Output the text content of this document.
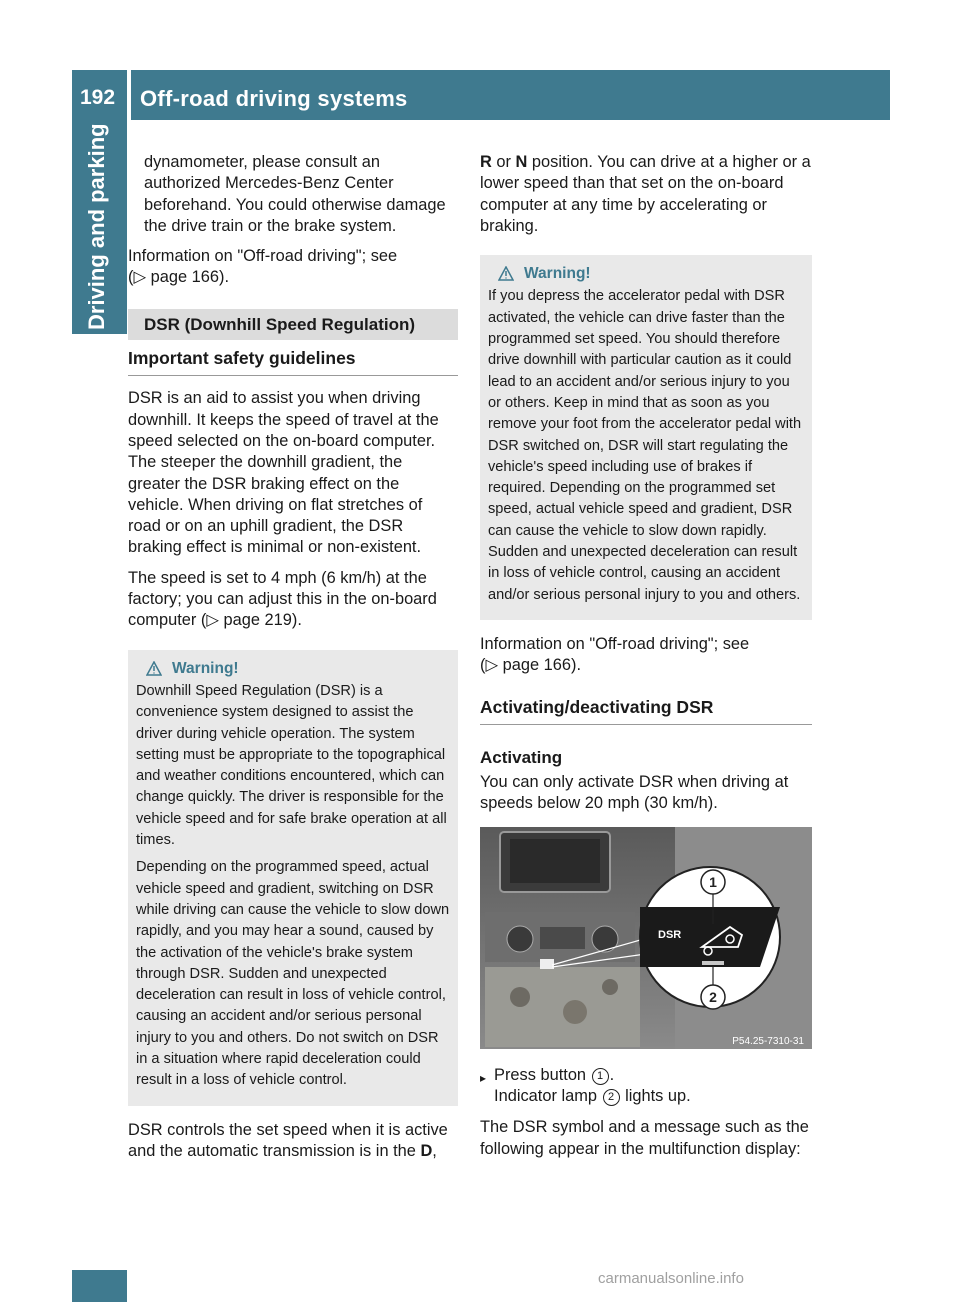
192 Off-road driving systems
Driving and parking	dynamometer, please consult an authorized Mercedes-Benz Center beforehand. You could otherwise damage the drive train or the brake system.

Information on "Off-road driving"; see
(▷ page 166).

DSR (Downhill Speed Regulation)
Important safety guidelines

DSR is an aid to assist you when driving downhill. It keeps the speed of travel at the speed selected on the on-board computer. The steeper the downhill gradient, the greater the DSR braking effect on the vehicle. When driving on flat stretches of road or on an uphill gradient, the DSR braking effect is minimal or non-existent.

The speed is set to 4 mph (6 km/h) at the factory; you can adjust this in the on-board computer (▷ page 219).

Warning!

Downhill Speed Regulation (DSR) is a convenience system designed to assist the driver during vehicle operation. The system setting must be appropriate to the topographical and weather conditions encountered, which can change quickly. The driver is responsible for the vehicle speed and for safe brake operation at all times.

Depending on the programmed speed, actual vehicle speed and gradient, switching on DSR while driving can cause the vehicle to slow down rapidly, and you may hear a sound, caused by the activation of the vehicle's brake system through DSR. Sudden and unexpected deceleration can result in loss of vehicle control, causing an accident and/or serious personal injury to you and others. Do not switch on DSR in a situation where rapid deceleration could result in a loss of vehicle control.

DSR controls the set speed when it is active and the automatic transmission is in the D,

R or N position. You can drive at a higher or a lower speed than that set on the on-board computer at any time by accelerating or braking.

Warning!

If you depress the accelerator pedal with DSR activated, the vehicle can drive faster than the programmed set speed. You should therefore drive downhill with particular caution as it could lead to an accident and/or serious injury to you or others. Keep in mind that as soon as you remove your foot from the accelerator pedal with DSR switched on, DSR will start regulating the vehicle's speed including use of brakes if required. Depending on the programmed set speed, actual vehicle speed and gradient, DSR can cause the vehicle to slow down rapidly. Sudden and unexpected deceleration can result in loss of vehicle control, causing an accident and/or serious personal injury to you and others.

Information on "Off-road driving"; see
(▷ page 166).

Activating/deactivating DSR
Activating

You can only activate DSR when driving at speeds below 20 mph (30 km/h).

1
2
DSR
P54.25-7310-31
▸ Press button 1 .
Indicator lamp 2 lights up.

The DSR symbol and a message such as the following appear in the multifunction display:

carmanualsonline.info
